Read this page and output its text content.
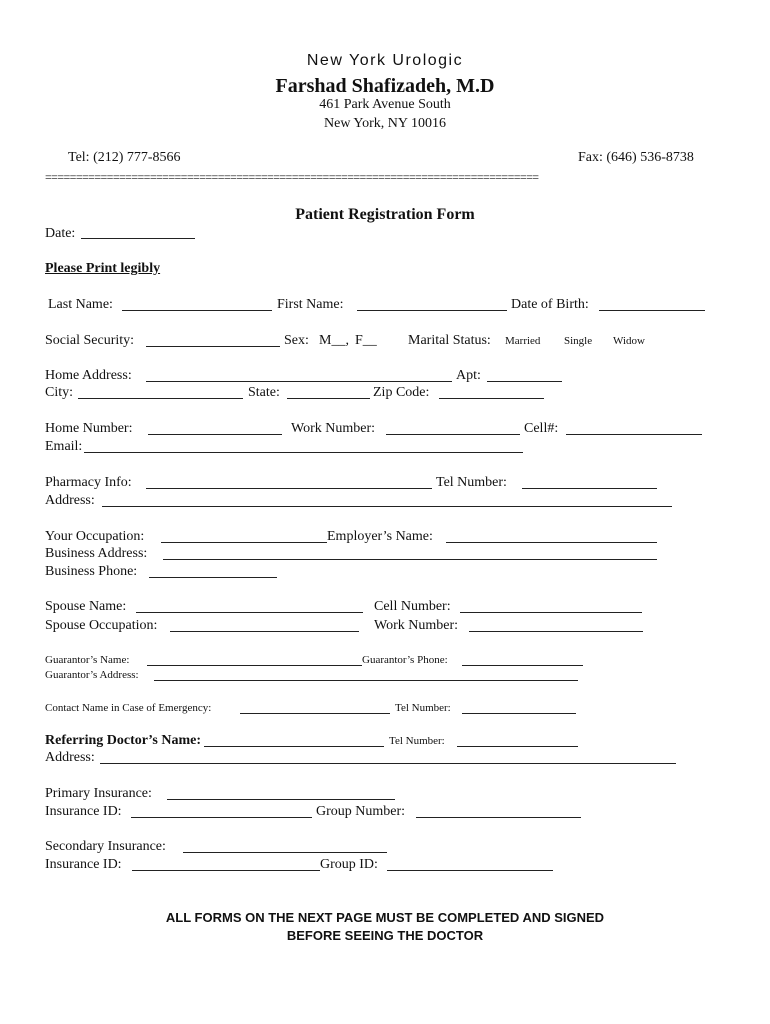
New York Urologic
Farshad Shafizadeh, M.D
461 Park Avenue South
New York, NY 10016
Tel: (212) 777-8566	Fax: (646) 536-8738
================================================================================
Patient Registration Form
Date:
Please Print legibly
Last Name:	First Name:	Date of Birth:
Social Security:	Sex: M__, F__ Marital Status: Married Single Widow
Home Address:	Apt:
City:	State:	Zip Code:
Home Number:	Work Number:	Cell#:
Email:
Pharmacy Info:	Tel Number:
Address:
Your Occupation:	Employer’s Name:
Business Address:
Business Phone:
Spouse Name:	Cell Number:
Spouse Occupation:	Work Number:
Guarantor’s Name:	Guarantor’s Phone:
Guarantor’s Address:
Contact Name in Case of Emergency:	Tel Number:
Referring Doctor’s Name:	Tel Number:
Address:
Primary Insurance:
Insurance ID:	Group Number:
Secondary Insurance:
Insurance ID:	Group ID:
ALL FORMS ON THE NEXT PAGE MUST BE COMPLETED AND SIGNED
BEFORE SEEING THE DOCTOR
